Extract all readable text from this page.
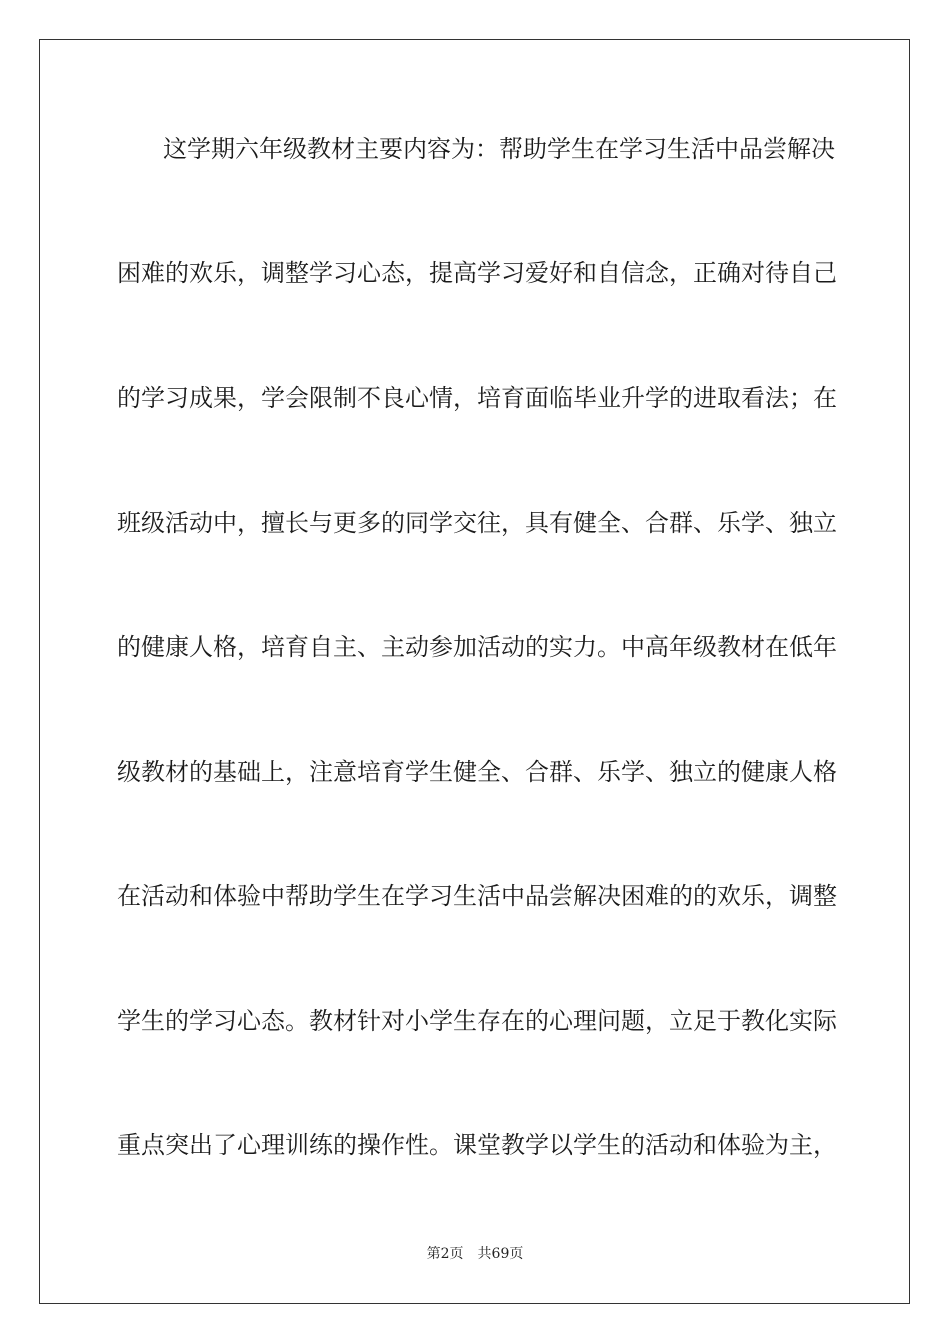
这学期六年级教材主要内容为：帮助学生在学习生活中品尝解决
困难的欢乐，调整学习心态，提高学习爱好和自信念，正确对待自己
的学习成果，学会限制不良心情，培育面临毕业升学的进取看法；在
班级活动中，擅长与更多的同学交往，具有健全、合群、乐学、独立
的健康人格，培育自主、主动参加活动的实力。中高年级教材在低年
级教材的基础上，注意培育学生健全、合群、乐学、独立的健康人格
在活动和体验中帮助学生在学习生活中品尝解决困难的的欢乐，调整
学生的学习心态。教材针对小学生存在的心理问题，立足于教化实际
重点突出了心理训练的操作性。课堂教学以学生的活动和体验为主，
第2页　共69页
